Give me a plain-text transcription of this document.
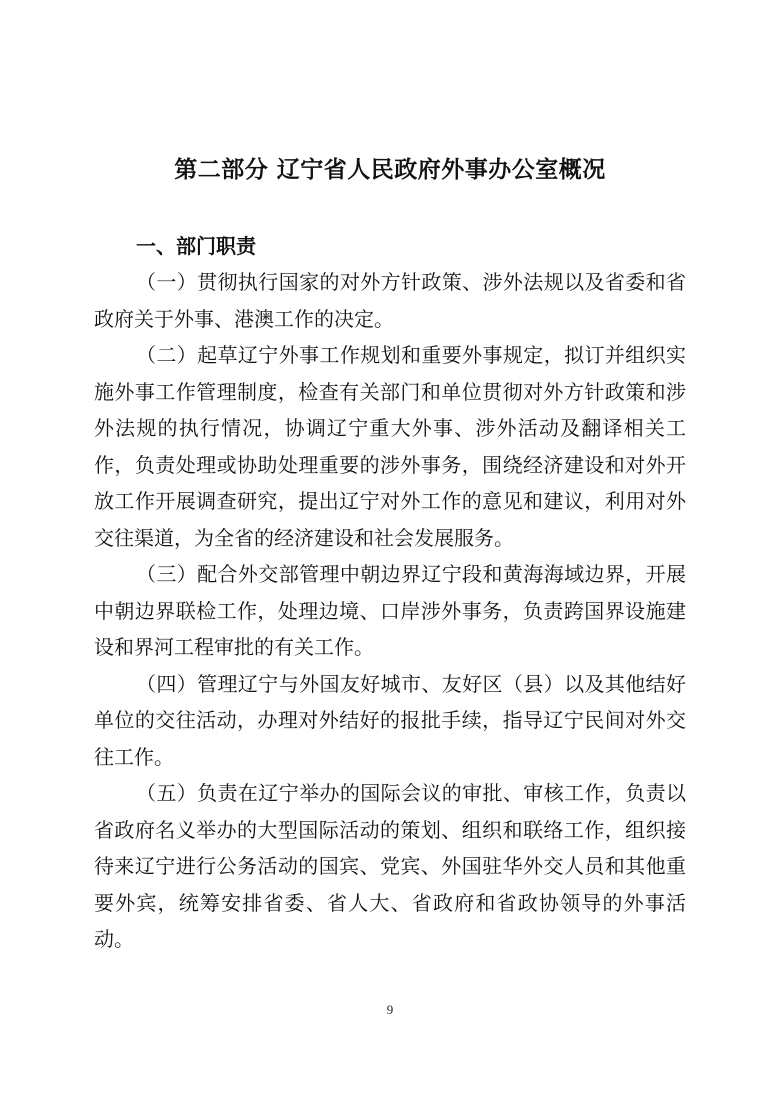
第二部分 辽宁省人民政府外事办公室概况
一、部门职责

（一）贯彻执行国家的对外方针政策、涉外法规以及省委和省政府关于外事、港澳工作的决定。

（二）起草辽宁外事工作规划和重要外事规定，拟订并组织实施外事工作管理制度，检查有关部门和单位贯彻对外方针政策和涉外法规的执行情况，协调辽宁重大外事、涉外活动及翻译相关工作，负责处理或协助处理重要的涉外事务，围绕经济建设和对外开放工作开展调查研究，提出辽宁对外工作的意见和建议，利用对外交往渠道，为全省的经济建设和社会发展服务。

（三）配合外交部管理中朝边界辽宁段和黄海海域边界，开展中朝边界联检工作，处理边境、口岸涉外事务，负责跨国界设施建设和界河工程审批的有关工作。

（四）管理辽宁与外国友好城市、友好区（县）以及其他结好单位的交往活动，办理对外结好的报批手续，指导辽宁民间对外交往工作。

（五）负责在辽宁举办的国际会议的审批、审核工作，负责以省政府名义举办的大型国际活动的策划、组织和联络工作，组织接待来辽宁进行公务活动的国宾、党宾、外国驻华外交人员和其他重要外宾，统筹安排省委、省人大、省政府和省政协领导的外事活动。

9
